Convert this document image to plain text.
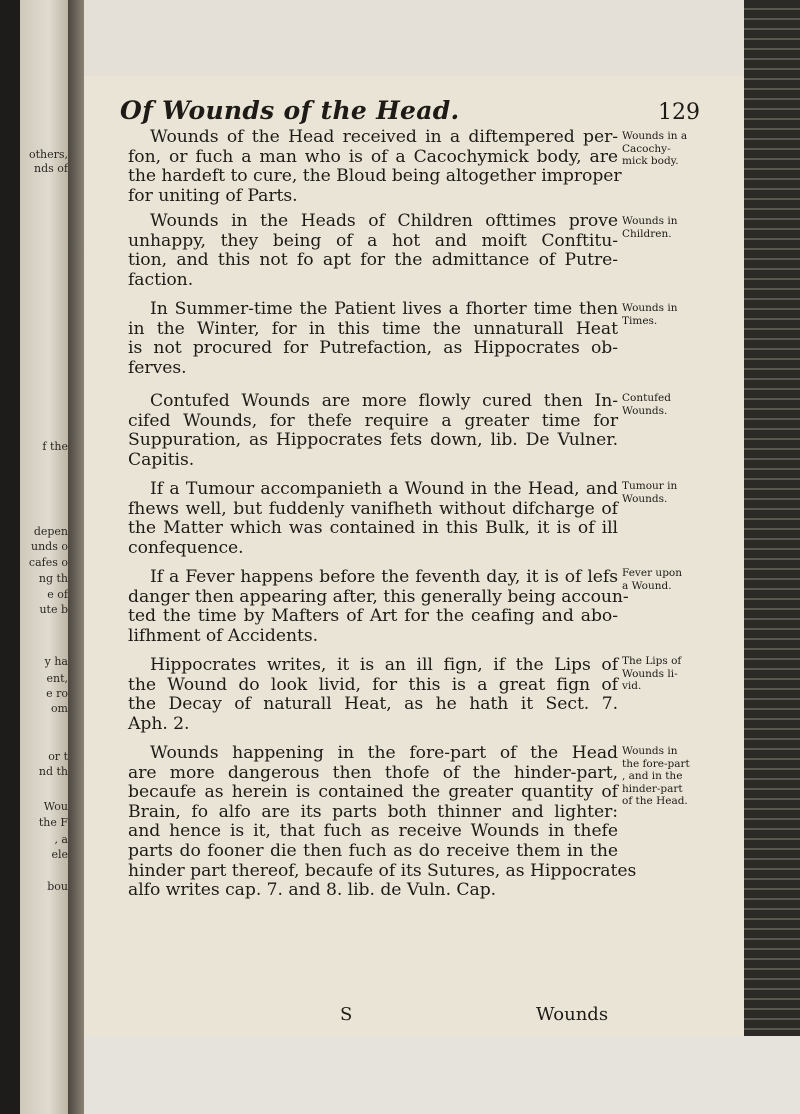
others,
nds of
f the
depen
unds o
cafes o
ng th
e of
ute b
y ha
ent,
e ro
om
or t
nd th
Wou
the F
, a
ele
bou
Of Wounds of the Head.	129
Wounds of the Head received in a diftempered per-
fon, or fuch a man who is of a Cacochymick body, are
the hardeft to cure, the Bloud being altogether improper
for uniting of Parts.
Wounds in the Heads of Children ofttimes prove
unhappy, they being of a hot and moift Conftitu-
tion, and this not fo apt for the admittance of Putre-
faction.
In Summer-time the Patient lives a fhorter time then
in the Winter, for in this time the unnaturall Heat
is not procured for Putrefaction, as Hippocrates ob-
ferves.
Contufed Wounds are more flowly cured then In-
cifed Wounds, for thefe require a greater time for
Suppuration, as Hippocrates fets down, lib. De Vulner.
Capitis.
If a Tumour accompanieth a Wound in the Head, and
fhews well, but fuddenly vanifheth without difcharge of
the Matter which was contained in this Bulk, it is of ill
confequence.
If a Fever happens before the feventh day, it is of lefs
danger then appearing after, this generally being accoun-
ted the time by Mafters of Art for the ceafing and abo-
lifhment of Accidents.
Hippocrates writes, it is an ill fign, if the Lips of
the Wound do look livid, for this is a great fign of
the Decay of naturall Heat, as he hath it Sect. 7.
Aph. 2.
Wounds happening in the fore-part of the Head
are more dangerous then thofe of the hinder-part,
becaufe as herein is contained the greater quantity of
Brain, fo alfo are its parts both thinner and lighter:
and hence is it, that fuch as receive Wounds in thefe
parts do fooner die then fuch as do receive them in the
hinder part thereof, becaufe of its Sutures, as Hippocrates
alfo writes cap. 7. and 8. lib. de Vuln. Cap.
Wounds in a
Cacochy-
mick body.
Wounds in
Children.
Wounds in
Times.
Contufed
Wounds.
Tumour in
Wounds.
Fever upon
a Wound.
The Lips of
Wounds li-
vid.
Wounds in
the fore-part
, and in the
hinder-part
of the Head.
S	Wounds
